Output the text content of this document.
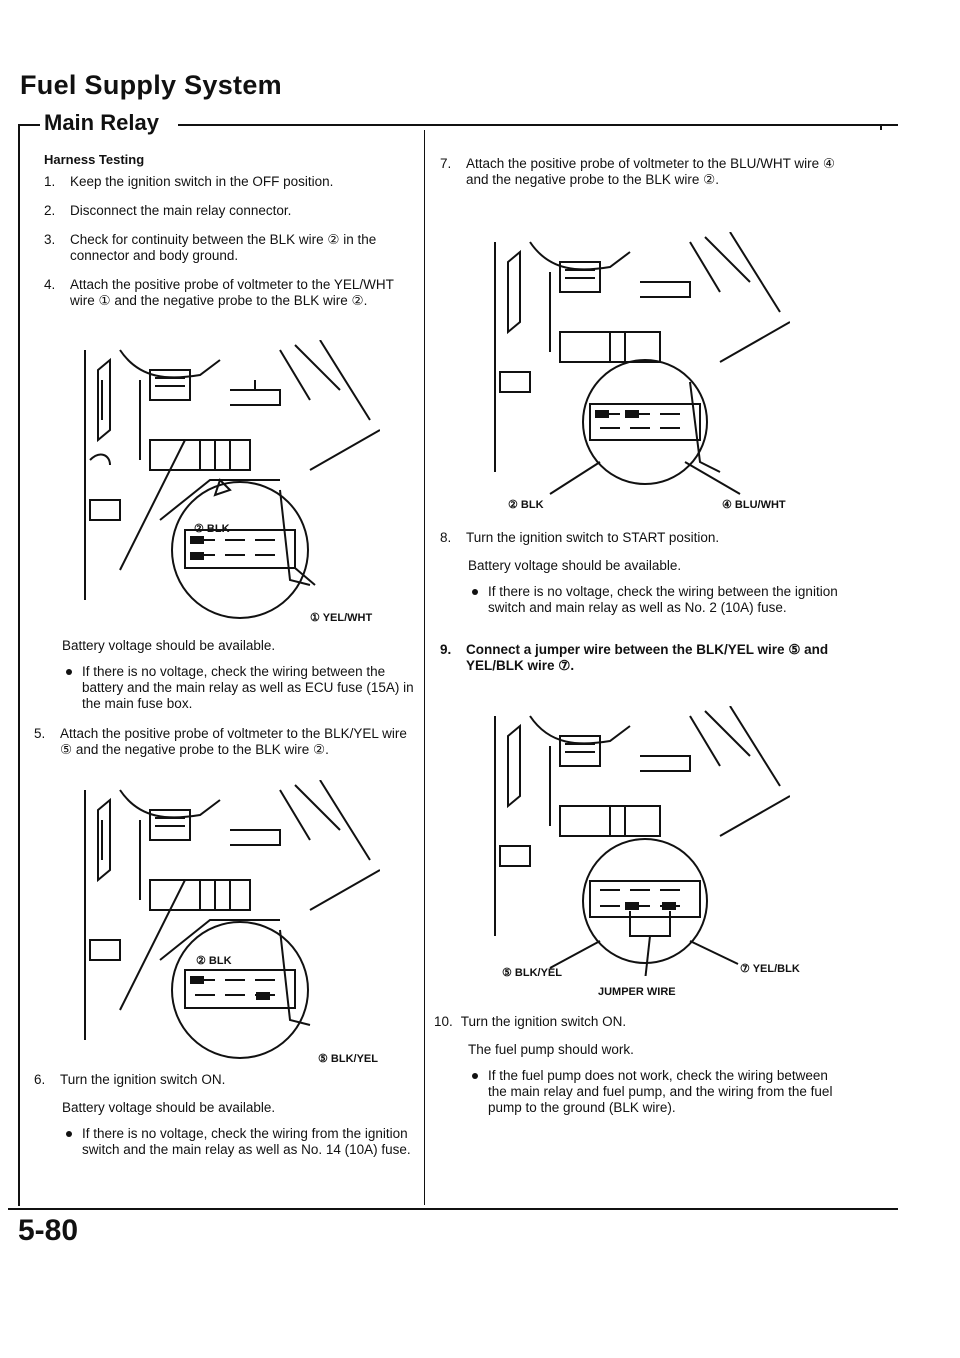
Fuel Supply System
Main Relay
Harness Testing
1.	Keep the ignition switch in the OFF position.
2.	Disconnect the main relay connector.
3.	Check for continuity between the BLK wire ② in the connector and body ground.
4.	Attach the positive probe of voltmeter to the YEL/WHT wire ① and the negative probe to the BLK wire ②.
② BLK
① YEL/WHT
Battery voltage should be available.
If there is no voltage, check the wiring between the battery and the main relay as well as ECU fuse (15A) in the main fuse box.
5.	Attach the positive probe of voltmeter to the BLK/YEL wire ⑤ and the negative probe to the BLK wire ②.
② BLK
⑤ BLK/YEL
6.	Turn the ignition switch ON.
Battery voltage should be available.
If there is no voltage, check the wiring from the ignition switch and the main relay as well as No. 14 (10A) fuse.
7.	Attach the positive probe of voltmeter to the BLU/WHT wire ④ and the negative probe to the BLK wire ②.
② BLK	④ BLU/WHT
8.	Turn the ignition switch to START position.
Battery voltage should be available.
If there is no voltage, check the wiring between the ignition switch and main relay as well as No. 2 (10A) fuse.
9.	Connect a jumper wire between the BLK/YEL wire ⑤ and YEL/BLK wire ⑦.
⑤ BLK/YEL	⑦ YEL/BLK
JUMPER WIRE
10. Turn the ignition switch ON.
The fuel pump should work.
If the fuel pump does not work, check the wiring between the main relay and fuel pump, and the wiring from the fuel pump to the ground (BLK wire).
5-80
